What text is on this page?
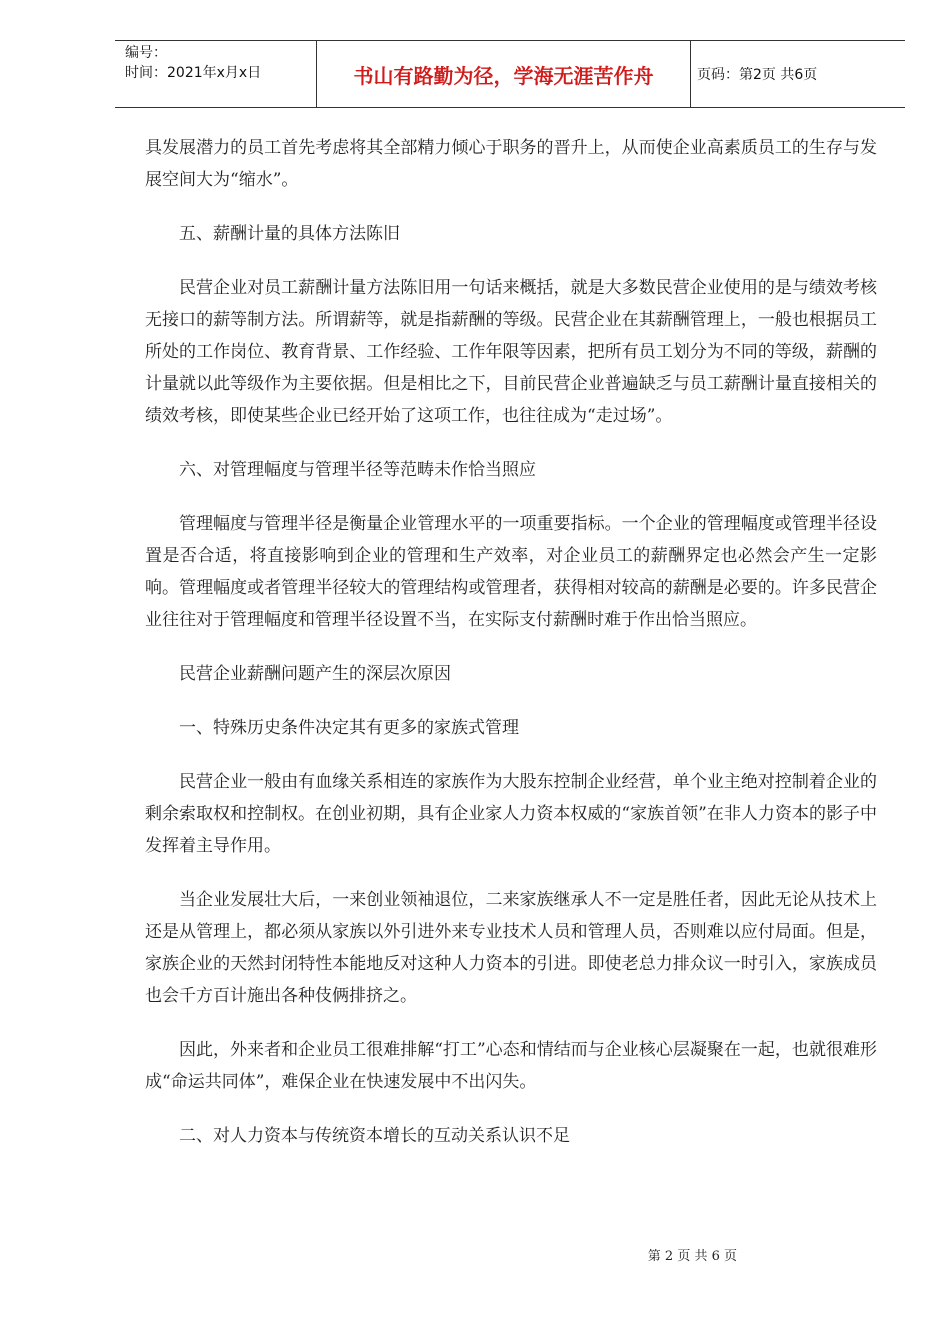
编号：
时间：2021年x月x日	书山有路勤为径，学海无涯苦作舟	页码：第2页 共6页

具发展潜力的员工首先考虑将其全部精力倾心于职务的晋升上，从而使企业高素质员工的生存与发展空间大为“缩水”。

五、薪酬计量的具体方法陈旧

民营企业对员工薪酬计量方法陈旧用一句话来概括，就是大多数民营企业使用的是与绩效考核无接口的薪等制方法。所谓薪等，就是指薪酬的等级。民营企业在其薪酬管理上，一般也根据员工所处的工作岗位、教育背景、工作经验、工作年限等因素，把所有员工划分为不同的等级，薪酬的计量就以此等级作为主要依据。但是相比之下，目前民营企业普遍缺乏与员工薪酬计量直接相关的绩效考核，即使某些企业已经开始了这项工作，也往往成为“走过场”。

六、对管理幅度与管理半径等范畴未作恰当照应

管理幅度与管理半径是衡量企业管理水平的一项重要指标。一个企业的管理幅度或管理半径设置是否合适，将直接影响到企业的管理和生产效率，对企业员工的薪酬界定也必然会产生一定影响。管理幅度或者管理半径较大的管理结构或管理者，获得相对较高的薪酬是必要的。许多民营企业往往对于管理幅度和管理半径设置不当，在实际支付薪酬时难于作出恰当照应。

民营企业薪酬问题产生的深层次原因

一、特殊历史条件决定其有更多的家族式管理

民营企业一般由有血缘关系相连的家族作为大股东控制企业经营，单个业主绝对控制着企业的剩余索取权和控制权。在创业初期，具有企业家人力资本权威的“家族首领”在非人力资本的影子中发挥着主导作用。

当企业发展壮大后，一来创业领袖退位，二来家族继承人不一定是胜任者，因此无论从技术上还是从管理上，都必须从家族以外引进外来专业技术人员和管理人员，否则难以应付局面。但是，家族企业的天然封闭特性本能地反对这种人力资本的引进。即使老总力排众议一时引入，家族成员也会千方百计施出各种伎俩排挤之。

因此，外来者和企业员工很难排解“打工”心态和情结而与企业核心层凝聚在一起，也就很难形成“命运共同体”，难保企业在快速发展中不出闪失。

二、对人力资本与传统资本增长的互动关系认识不足

第 2 页 共 6 页
